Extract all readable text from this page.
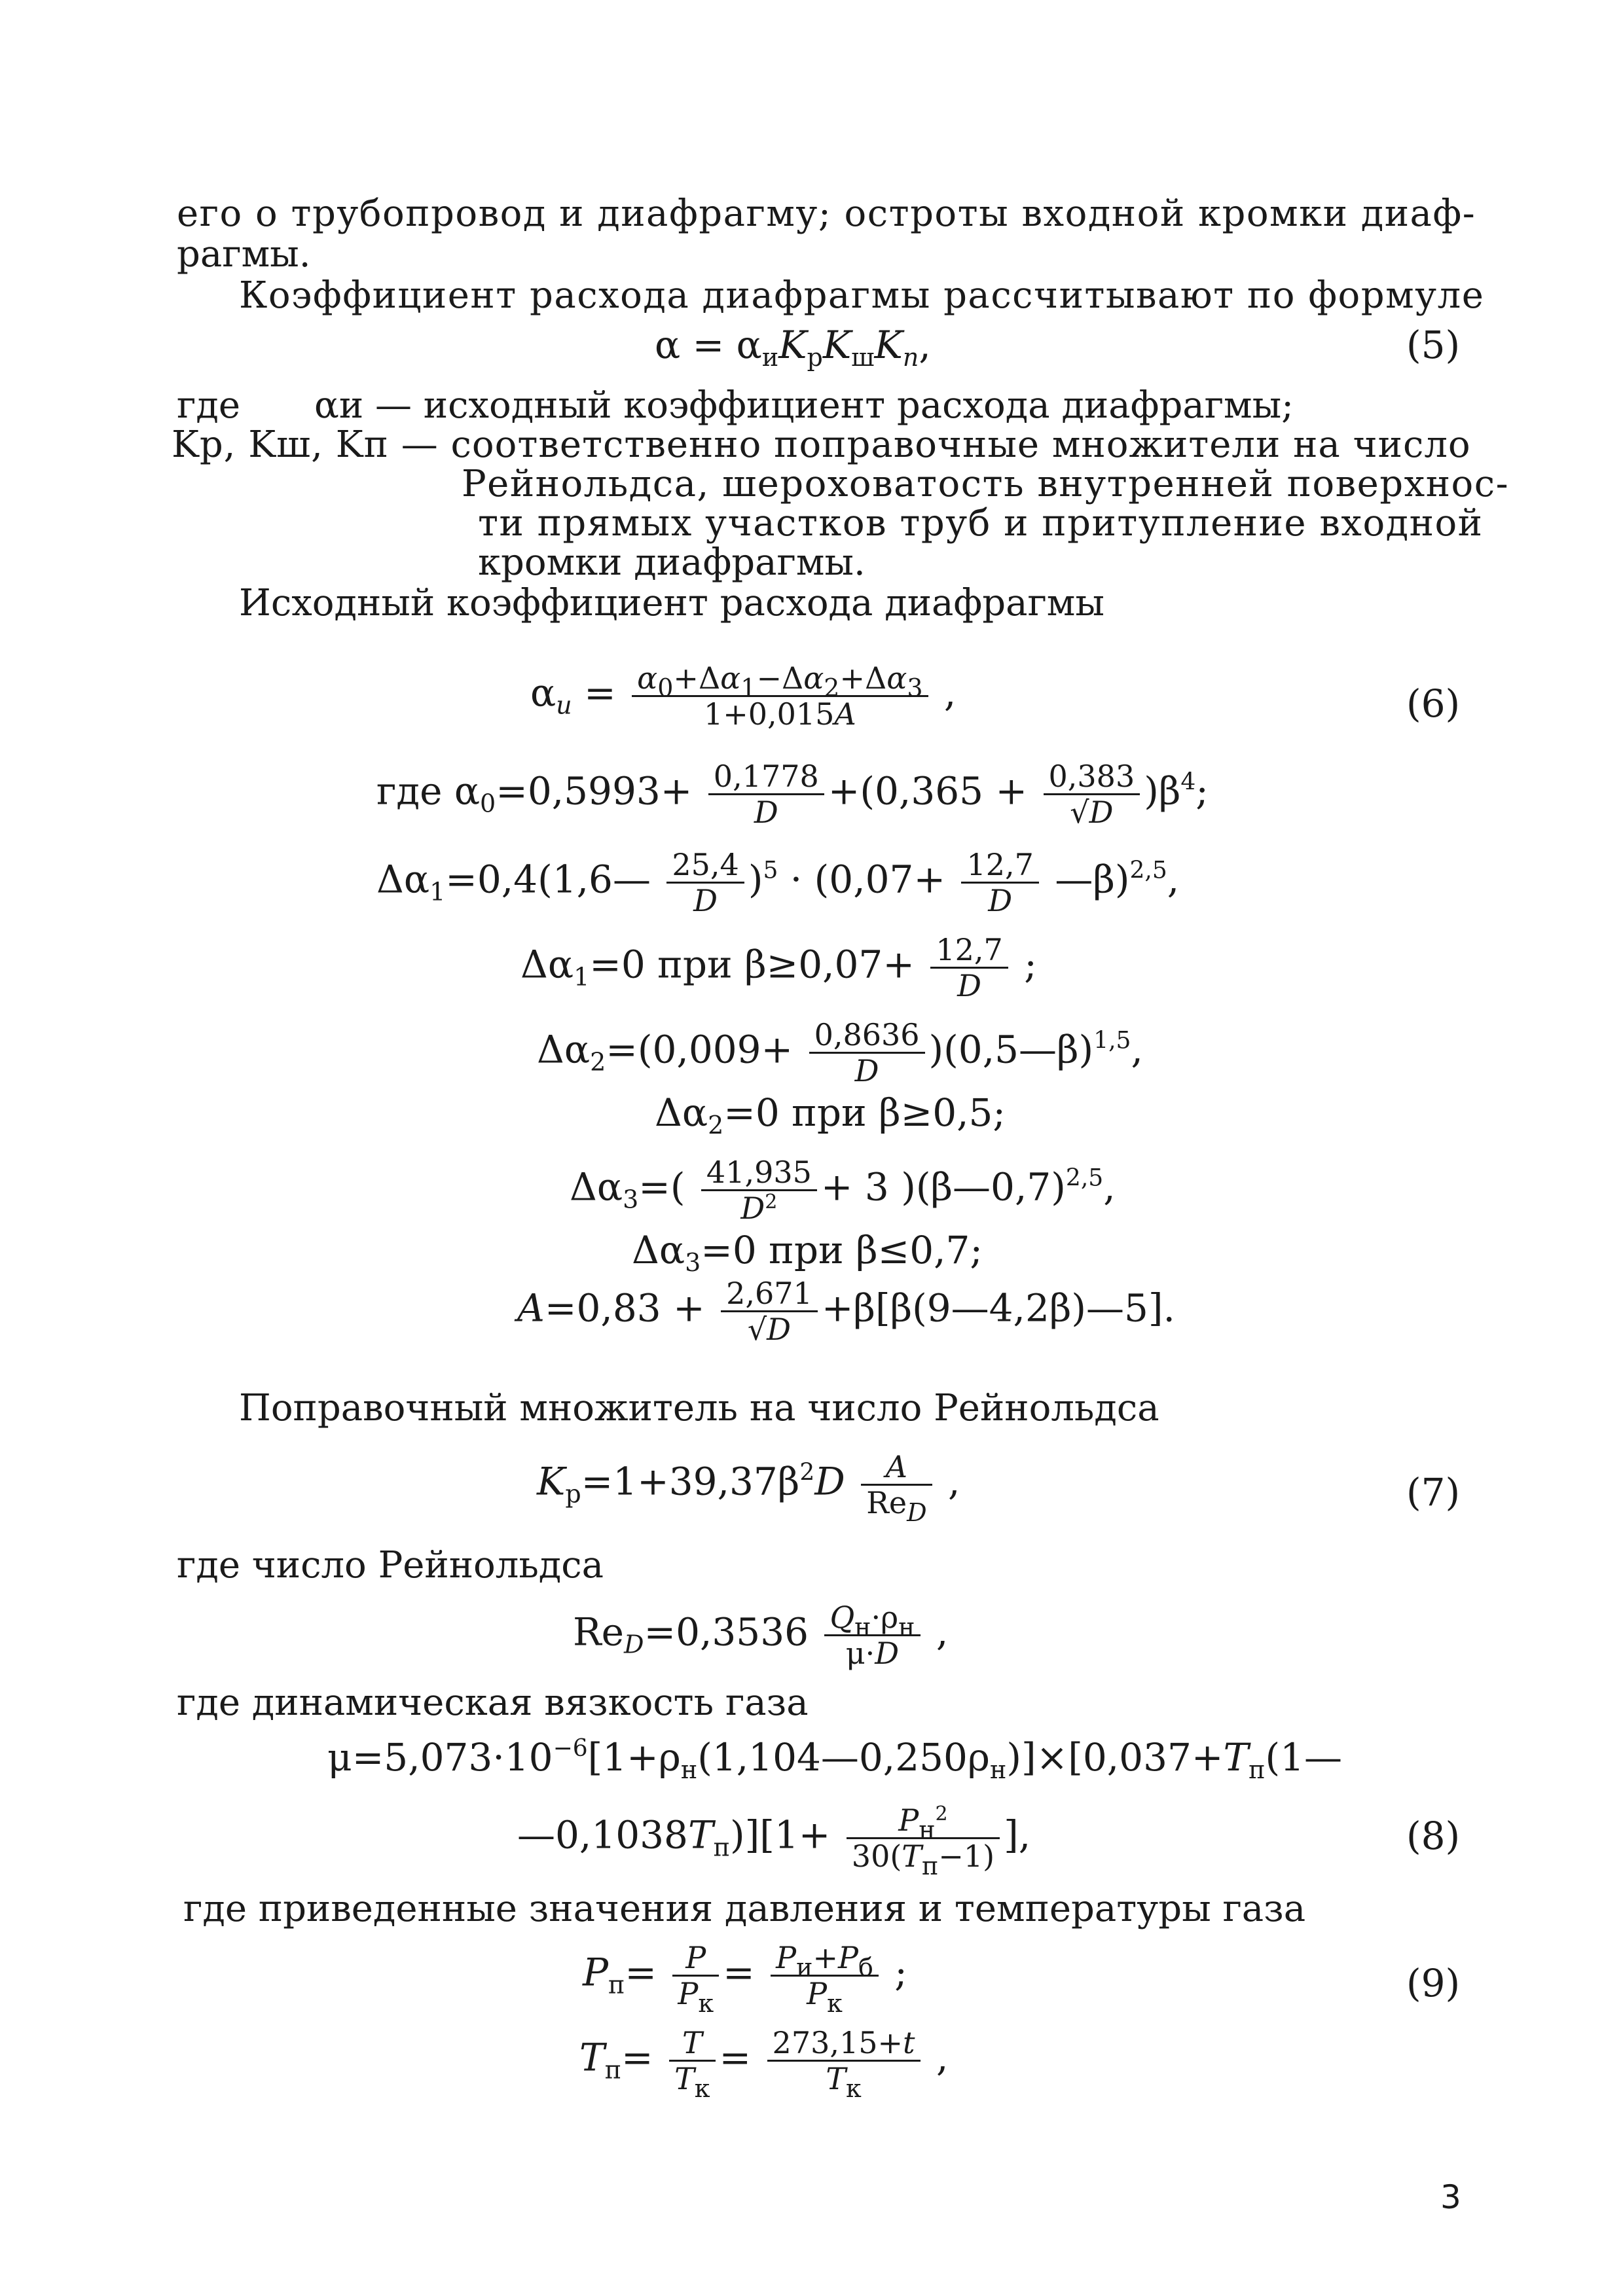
его о трубопровод и диафрагму; остроты входной кромки диаф-
рагмы.
Коэффициент расхода диафрагмы рассчитывают по формуле
$\alpha = \alpha_иK_рK_шK_п$,	(5)
где αи — исходный коэффициент расхода диафрагмы;
Kp, Kш, Kп — соответственно поправочные множители на число
Рейнольдса, шероховатость внутренней поверхнос-
ти прямых участков труб и притупление входной
кромки диафрагмы.
Исходный коэффициент расхода диафрагмы
$\alpha_и = \frac{\alpha_0+\Delta\alpha_1-\Delta\alpha_2+\Delta\alpha_3}{1+0,015A}$ ,	(6)
где $\alpha_0=0,5993+ \frac{0,1778}{D} +(0,365 + \frac{0,383}{√D} )\beta^4$;
$\Delta\alpha_1=0,4(1,6— \frac{25,4}{D} )^5 \cdot (0,07+ \frac{12,7}{D}$ —β)$^{2,5}$,
$\Delta\alpha_1=0$ при $\beta\ge 0,07+ \frac{12,7}{D}$ ;
$\Delta\alpha_2=(0,009+ \frac{0,8636}{D}$ )(0,5—β)$^{1,5}$,
$\Delta\alpha_2=0$ при β≥0,5;
$\Delta\alpha_3=( \frac{41,935}{D^2} + 3$ )(β—0,7)$^{2,5}$,
$\Delta\alpha_3=0$ при β≤0,7;
$A=0,83 + \frac{2,671}{√D}$ +β[β(9—4,2β)—5].
Поправочный множитель на число Рейнольдса
$K_р=1+39,37\beta^2D \frac{A}{Re_D}$ ,	(7)
где число Рейнольдса
$Re_D=0,3536 \frac{Q_н\cdot\rho_н}{\mu\cdot D}$ ,
где динамическая вязкость газа
$\mu=5,073\cdot 10^{-6}[1+\rho_н(1,104—0,250\rho_н)]\times[0,037+T_п(1—$
$—0,1038T_п)][1+ \frac{P_н^2}{30(T_п-1)}$ ],	(8)
где приведенные значения давления и температуры газа
$P_п= \frac{P}{P_к} = \frac{P_и+P_б}{P_к}$ ;	(9)
$T_п= \frac{T}{T_к} = \frac{273,15+t}{T_к}$ ,
3
